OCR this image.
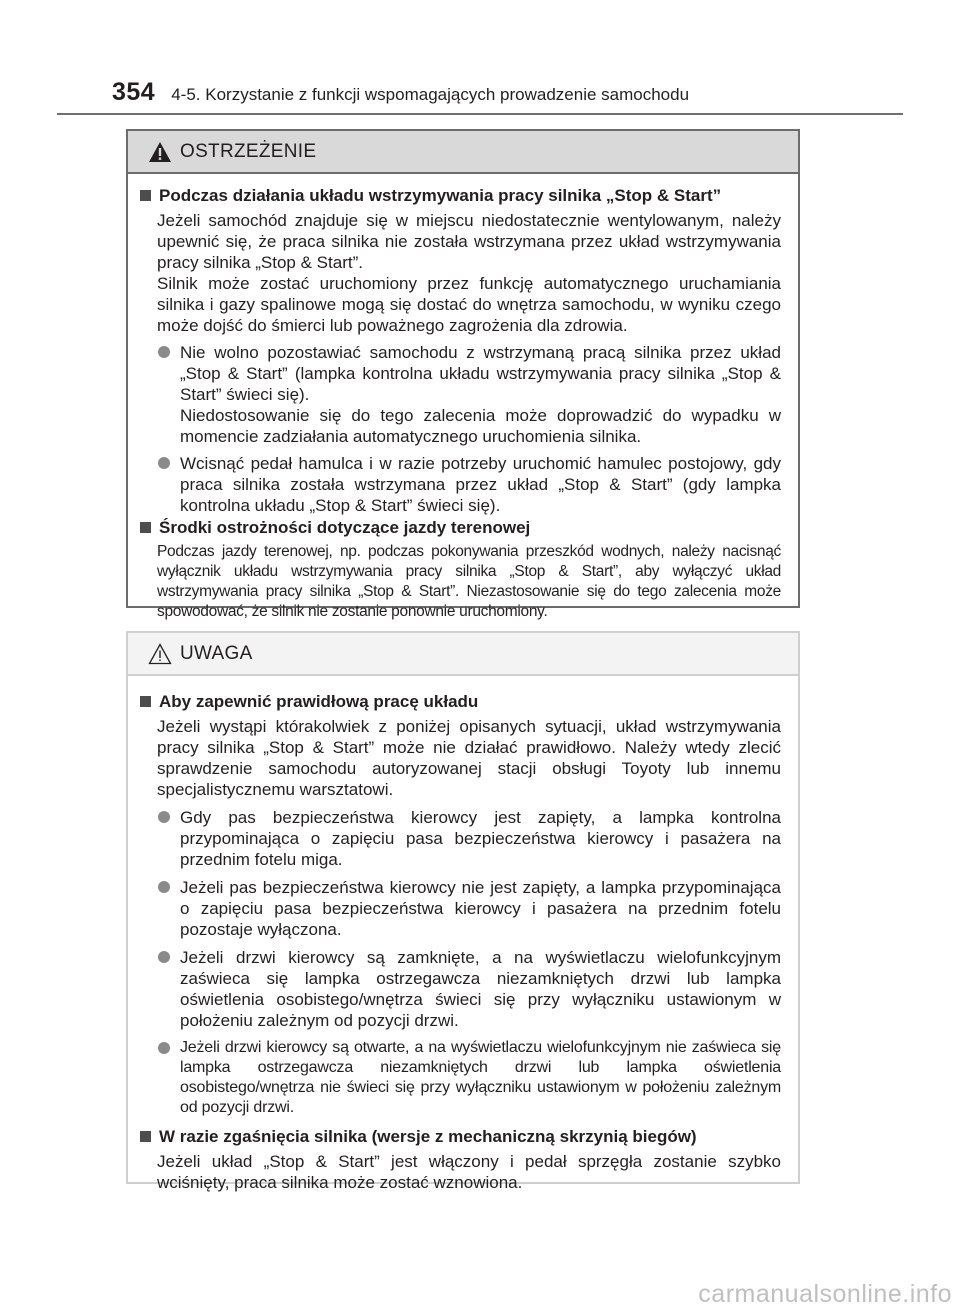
354 4-5. Korzystanie z funkcji wspomagających prowadzenie samochodu
OSTRZEŻENIE
Podczas działania układu wstrzymywania pracy silnika „Stop & Start”
Jeżeli samochód znajduje się w miejscu niedostatecznie wentylowanym, należy upewnić się, że praca silnika nie została wstrzymana przez układ wstrzymywania pracy silnika „Stop & Start”.
Silnik może zostać uruchomiony przez funkcję automatycznego uruchamiania silnika i gazy spalinowe mogą się dostać do wnętrza samochodu, w wyniku czego może dojść do śmierci lub poważnego zagrożenia dla zdrowia.

Nie wolno pozostawiać samochodu z wstrzymaną pracą silnika przez układ „Stop & Start” (lampka kontrolna układu wstrzymywania pracy silnika „Stop & Start” świeci się).

Niedostosowanie się do tego zalecenia może doprowadzić do wypadku w momencie zadziałania automatycznego uruchomienia silnika.

Wcisnąć pedał hamulca i w razie potrzeby uruchomić hamulec postojowy, gdy praca silnika została wstrzymana przez układ „Stop & Start” (gdy lampka kontrolna układu „Stop & Start” świeci się).
Środki ostrożności dotyczące jazdy terenowej
Podczas jazdy terenowej, np. podczas pokonywania przeszkód wodnych, należy nacisnąć wyłącznik układu wstrzymywania pracy silnika „Stop & Start”, aby wyłączyć układ wstrzymywania pracy silnika „Stop & Start”. Niezastosowanie się do tego zalecenia może spowodować, że silnik nie zostanie ponownie uruchomiony.
UWAGA
Aby zapewnić prawidłową pracę układu
Jeżeli wystąpi którakolwiek z poniżej opisanych sytuacji, układ wstrzymywania pracy silnika „Stop & Start” może nie działać prawidłowo. Należy wtedy zlecić sprawdzenie samochodu autoryzowanej stacji obsługi Toyoty lub innemu specjalistycznemu warsztatowi.
Gdy pas bezpieczeństwa kierowcy jest zapięty, a lampka kontrolna przypominająca o zapięciu pasa bezpieczeństwa kierowcy i pasażera na przednim fotelu miga.
Jeżeli pas bezpieczeństwa kierowcy nie jest zapięty, a lampka przypominająca o zapięciu pasa bezpieczeństwa kierowcy i pasażera na przednim fotelu pozostaje wyłączona.
Jeżeli drzwi kierowcy są zamknięte, a na wyświetlaczu wielofunkcyjnym zaświeca się lampka ostrzegawcza niezamkniętych drzwi lub lampka oświetlenia osobistego/wnętrza świeci się przy wyłączniku ustawionym w położeniu zależnym od pozycji drzwi.
Jeżeli drzwi kierowcy są otwarte, a na wyświetlaczu wielofunkcyjnym nie zaświeca się lampka ostrzegawcza niezamkniętych drzwi lub lampka oświetlenia osobistego/wnętrza nie świeci się przy wyłączniku ustawionym w położeniu zależnym od pozycji drzwi.
W razie zgaśnięcia silnika (wersje z mechaniczną skrzynią biegów)
Jeżeli układ „Stop & Start” jest włączony i pedał sprzęgła zostanie szybko wciśnięty, praca silnika może zostać wznowiona.
carmanualsonline.info
